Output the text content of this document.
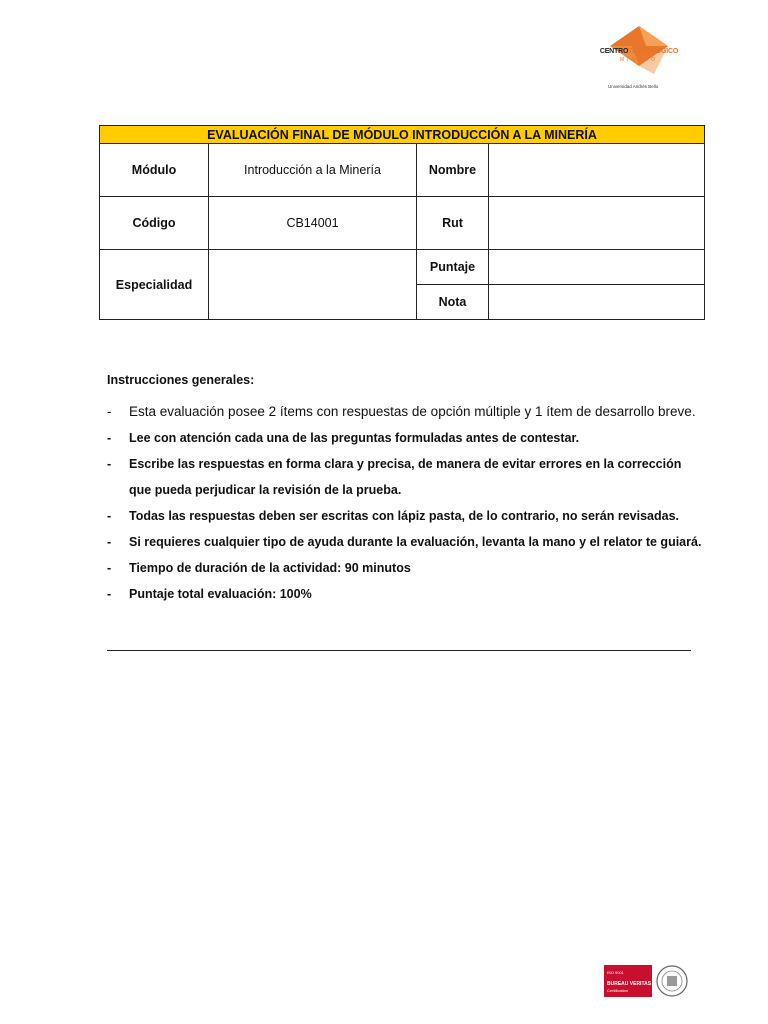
CENTROTECNOLOGICO
MINERO
Universidad Andrés Bello
EVALUACIÓN FINAL DE MÓDULO INTRODUCCIÓN A LA MINERÍA			
Módulo	Introducción a la Minería	Nombre	
Código	CB14001	Rut	
Especialidad		Puntaje	
		Nota	
Instrucciones generales:
- Esta evaluación posee 2 ítems con respuestas de opción múltiple y 1 ítem de desarrollo breve.
- Lee con atención cada una de las preguntas formuladas antes de contestar.
- Escribe las respuestas en forma clara y precisa, de manera de evitar errores en la corrección que pueda perjudicar la revisión de la prueba.
- Todas las respuestas deben ser escritas con lápiz pasta, de lo contrario, no serán revisadas.
- Si requieres cualquier tipo de ayuda durante la evaluación, levanta la mano y el relator te guiará.
- Tiempo de duración de la actividad: 90 minutos
- Puntaje total evaluación: 100%
ISO 9001
BUREAU VERITAS
Certification
